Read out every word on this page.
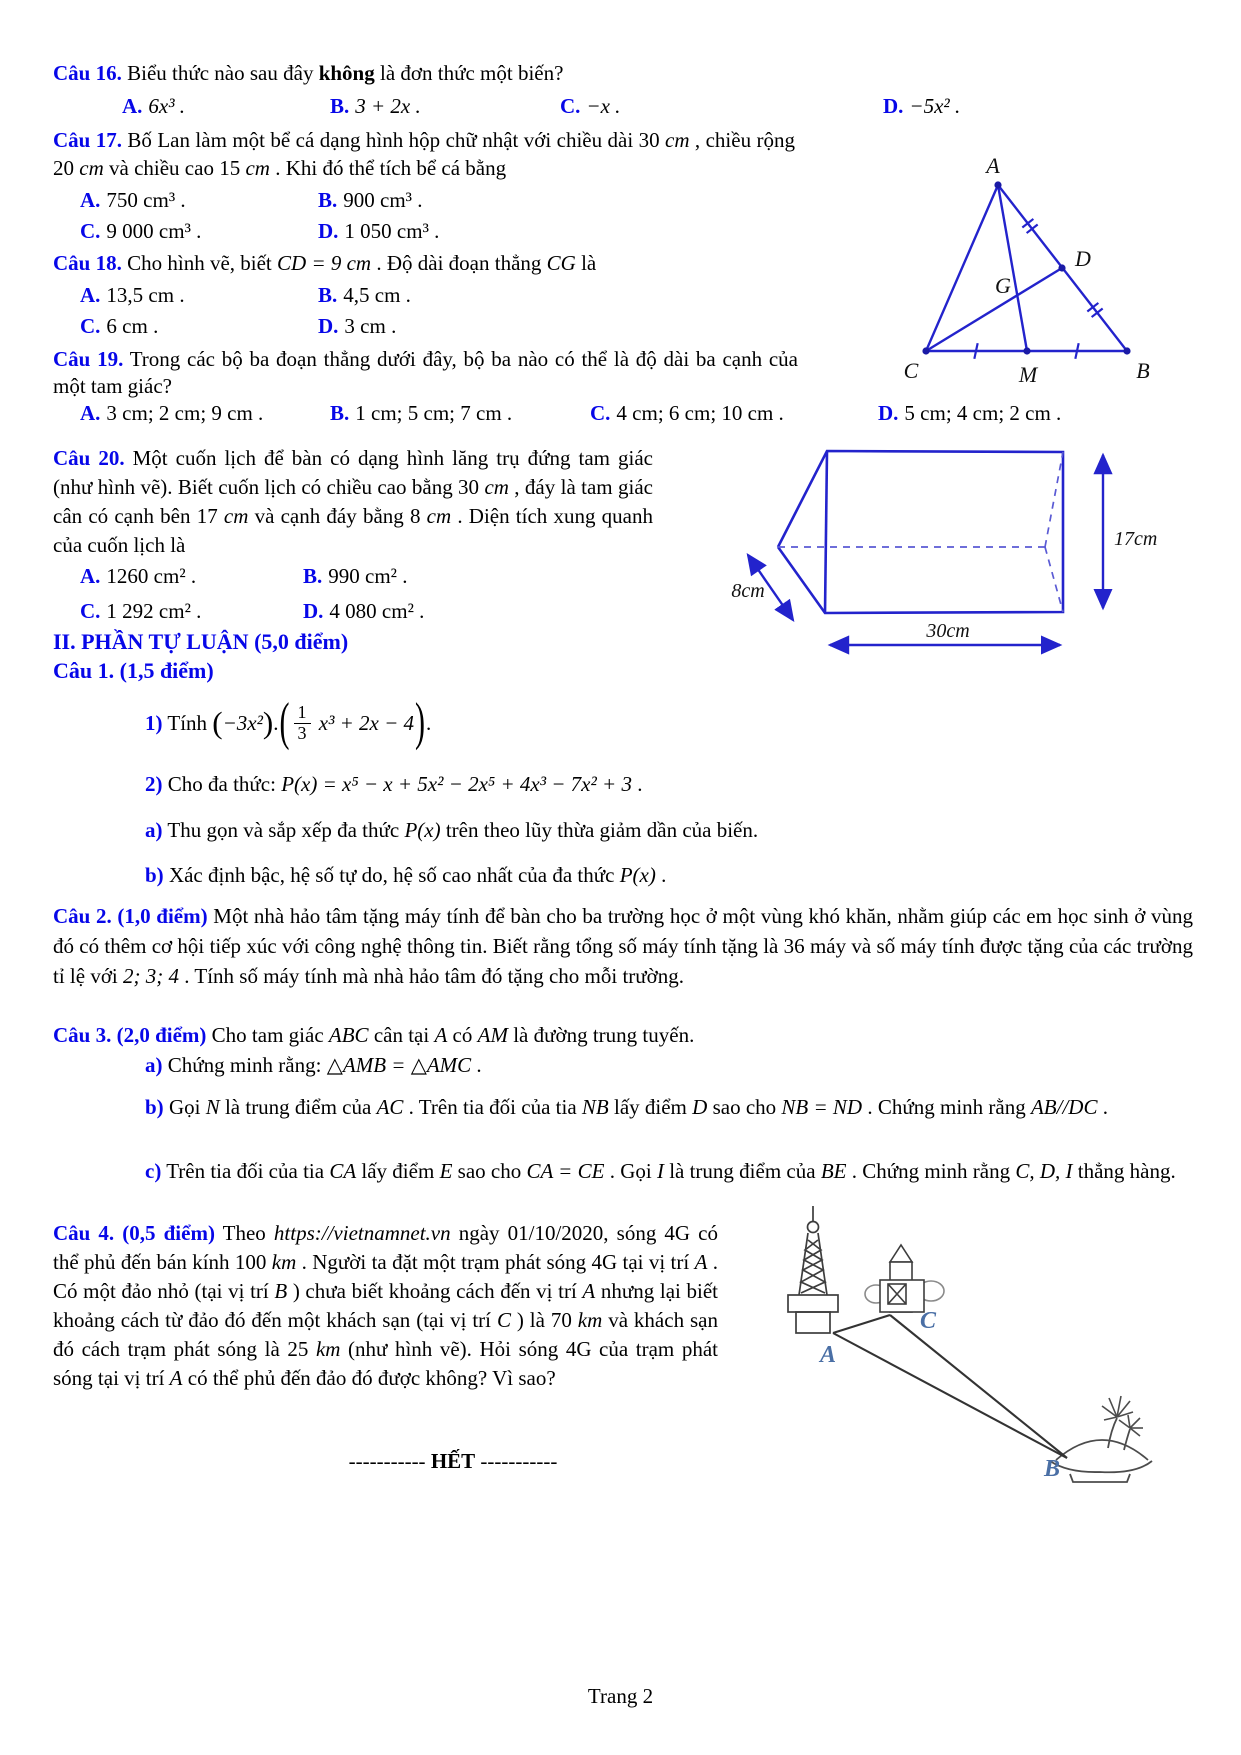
Câu 16. Biểu thức nào sau đây không là đơn thức một biến?
A. 6x³ .	B. 3 + 2x .	C. −x .	D. −5x² .
Câu 17. Bố Lan làm một bể cá dạng hình hộp chữ nhật với chiều dài 30 cm , chiều rộng 20 cm và chiều cao 15 cm . Khi đó thể tích bể cá bằng
A. 750 cm³ .	B. 900 cm³ .
C. 9 000 cm³ .	D. 1 050 cm³ .
Câu 18. Cho hình vẽ, biết CD = 9 cm . Độ dài đoạn thẳng CG là
A. 13,5 cm .	B. 4,5 cm .
C. 6 cm .	D. 3 cm .
Câu 19. Trong các bộ ba đoạn thẳng dưới đây, bộ ba nào có thể là độ dài ba cạnh của một tam giác?
A. 3 cm; 2 cm; 9 cm .	B. 1 cm; 5 cm; 7 cm .	C. 4 cm; 6 cm; 10 cm .	D. 5 cm; 4 cm; 2 cm .
Câu 20. Một cuốn lịch để bàn có dạng hình lăng trụ đứng tam giác (như hình vẽ). Biết cuốn lịch có chiều cao bằng 30 cm , đáy là tam giác cân có cạnh bên 17 cm và cạnh đáy bằng 8 cm . Diện tích xung quanh của cuốn lịch là
A. 1260 cm² .	B. 990 cm² .
C. 1 292 cm² .	D. 4 080 cm² .
II. PHẦN TỰ LUẬN (5,0 điểm)
Câu 1. (1,5 điểm)
1) Tính ( −3x² ) . ( $\frac{1}{3} x^3 + 2x - 4$ ) .
2) Cho đa thức: P(x) = x⁵ − x + 5x² − 2x⁵ + 4x³ − 7x² + 3 .
a) Thu gọn và sắp xếp đa thức P(x) trên theo lũy thừa giảm dần của biến.
b) Xác định bậc, hệ số tự do, hệ số cao nhất của đa thức P(x) .
Câu 2. (1,0 điểm) Một nhà hảo tâm tặng máy tính để bàn cho ba trường học ở một vùng khó khăn, nhằm giúp các em học sinh ở vùng đó có thêm cơ hội tiếp xúc với công nghệ thông tin. Biết rằng tổng số máy tính tặng là 36 máy và số máy tính được tặng của các trường tỉ lệ với 2; 3; 4 . Tính số máy tính mà nhà hảo tâm đó tặng cho mỗi trường.
Câu 3. (2,0 điểm) Cho tam giác ABC cân tại A có AM là đường trung tuyến.
a) Chứng minh rằng: △AMB = △AMC .
b) Gọi N là trung điểm của AC . Trên tia đối của tia NB lấy điểm D sao cho NB = ND . Chứng minh rằng AB//DC .
c) Trên tia đối của tia CA lấy điểm E sao cho CA = CE . Gọi I là trung điểm của BE . Chứng minh rằng C, D, I thẳng hàng.
Câu 4. (0,5 điểm) Theo https://vietnamnet.vn ngày 01/10/2020, sóng 4G có thể phủ đến bán kính 100 km . Người ta đặt một trạm phát sóng 4G tại vị trí A . Có một đảo nhỏ (tại vị trí B ) chưa biết khoảng cách đến vị trí A nhưng lại biết khoảng cách từ đảo đó đến một khách sạn (tại vị trí C ) là 70 km và khách sạn đó cách trạm phát sóng là 25 km (như hình vẽ). Hỏi sóng 4G của trạm phát sóng tại vị trí A có thể phủ đến đảo đó được không? Vì sao?
----------- HẾT -----------
Trang 2
A
B
C	M
D
G
8cm
17cm
30cm
A
C
B
